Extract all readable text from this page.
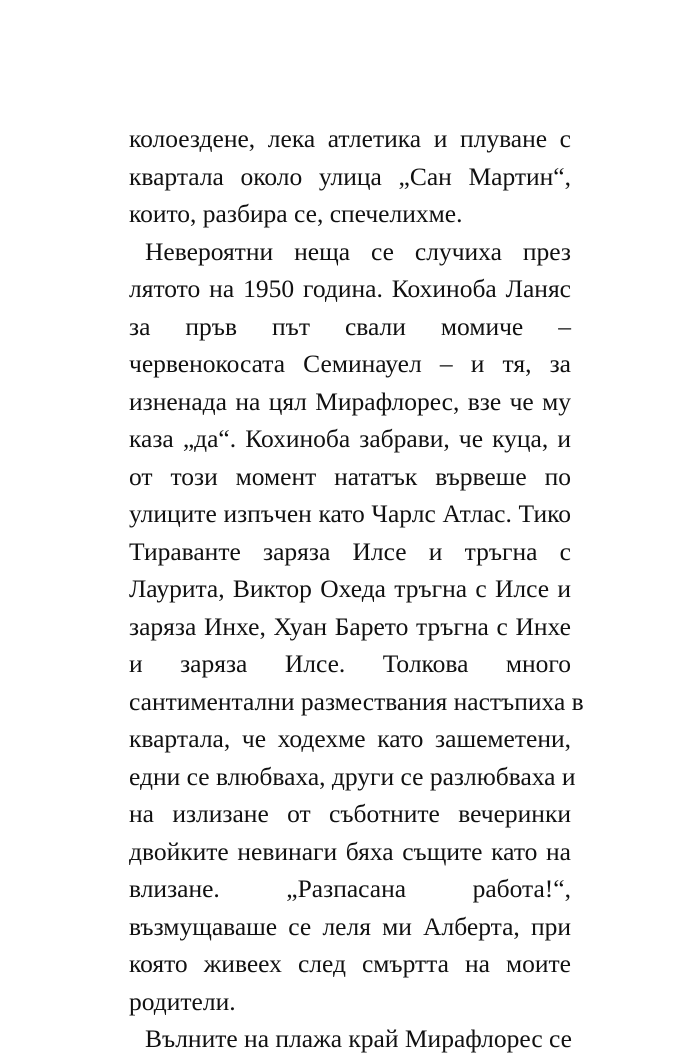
колоездене, лека атлетика и плуване с
квартала около улица „Сан Мартин“,
които, разбира се, спечелихме.
Невероятни неща се случиха през
лятото на 1950 година. Кохиноба Ланяс
за пръв път свали момиче –
червенокосата Семинауел – и тя, за
изненада на цял Мирафлорес, взе че му
каза „да“. Кохиноба забрави, че куца, и
от този момент нататък вървеше по
улиците изпъчен като Чарлс Атлас. Тико
Тираванте заряза Илсе и тръгна с
Лаурита, Виктор Охеда тръгна с Илсе и
заряза Инхе, Хуан Барето тръгна с Инхе
и заряза Илсе. Толкова много
сантиментални размествания настъпиха в
квартала, че ходехме като зашеметени,
едни се влюбваха, други се разлюбваха и
на излизане от съботните вечеринки
двойките невинаги бяха същите като на
влизане. „Разпасана работа!“,
възмущаваше се леля ми Алберта, при
която живеех след смъртта на моите
родители.
Вълните на плажа край Мирафлорес се
